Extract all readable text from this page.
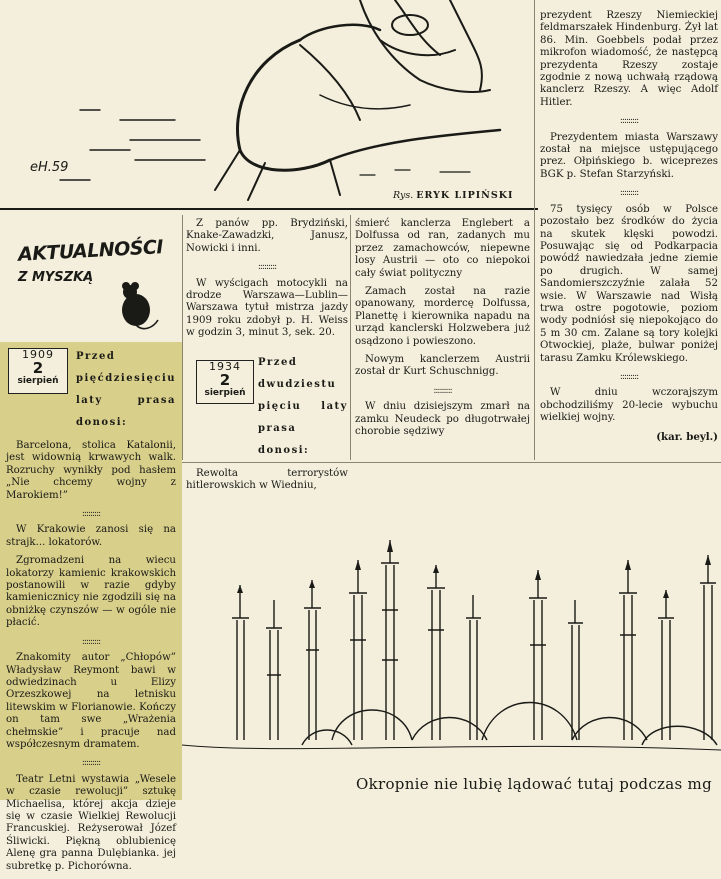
eH.59
Rys. ERYK LIPIŃSKI
AKTUALNOŚCI
Z MYSZKĄ
1909
2
sierpień

Przed pięćdziesięciu laty prasa donosi:

Barcelona, stolica Katalonii, jest widownią krwawych walk. Rozruchy wynikły pod hasłem „Nie chcemy wojny z Marokiem!”

:::::::::

W Krakowie zanosi się na strajk... lokatorów.

Zgromadzeni na wiecu lokatorzy kamienic krakowskich postanowili w razie gdyby kamienicznicy nie zgodzili się na obniżkę czynszów — w ogóle nie płacić.

:::::::::

Znakomity autor „Chłopów” Władysław Reymont bawi w odwiedzinach u Elizy Orzeszkowej na letnisku litewskim w Florianowie. Kończy on tam swe „Wrażenia chełmskie” i pracuje nad współczesnym dramatem.

:::::::::

Teatr Letni wystawia „Wesele w czasie rewolucji” sztukę Michaelisa, której akcja dzieje się w czasie Wielkiej Rewolucji Francuskiej. Reżyserował Józef Śliwicki. Piękną oblubienicę Alenę gra panna Dulębianka. jej subretkę p. Pichorówna.

Z panów pp. Brydziński, Knake-Zawadzki, Janusz, Nowicki i inni.

:::::::::

W wyścigach motocykli na drodze Warszawa—Lublin—Warszawa tytuł mistrza jazdy 1909 roku zdobył p. H. Weiss w godzin 3, minut 3, sek. 20.

1934
2
sierpień

Przed dwudziestu pięciu laty prasa donosi:

Rewolta terrorystów hitlerowskich w Wiedniu,

śmierć kanclerza Englebert a Dolfussa od ran, zadanych mu przez zamachowców, niepewne losy Austrii — oto co niepokoi cały świat polityczny

Zamach został na razie opanowany, mordercę Dolfussa, Planettę i kierownika napadu na urząd kanclerski Holzwebera już osądzono i powieszono.

Nowym kanclerzem Austrii został dr Kurt Schuschnigg.

:::::::::

W dniu dzisiejszym zmarł na zamku Neudeck po długotrwałej chorobie sędziwy

prezydent Rzeszy Niemieckiej feldmarszałek Hindenburg. Żył lat 86. Min. Goebbels podał przez mikrofon wiadomość, że następcą prezydenta Rzeszy zostaje zgodnie z nową uchwałą rządową kanclerz Rzeszy. A więc Adolf Hitler.

:::::::::

Prezydentem miasta Warszawy został na miejsce ustępującego prez. Ołpińskiego b. wiceprezes BGK p. Stefan Starzyński.

:::::::::

75 tysięcy osób w Polsce pozostało bez środków do życia na skutek klęski powodzi. Posuwając się od Podkarpacia powódź nawiedzała jedne ziemie po drugich. W samej Sandomierszczyźnie zalała 52 wsie. W Warszawie nad Wisłą trwa ostre pogotowie, poziom wody podniósł się niepokojąco do 5 m 30 cm. Zalane są tory kolejki Otwockiej, plaże, bulwar poniżej tarasu Zamku Królewskiego.

:::::::::

W dniu wczorajszym obchodziliśmy 20-lecie wybuchu wielkiej wojny.

(kar. beyl.)

Okropnie nie lubię lądować tutaj podczas mg
